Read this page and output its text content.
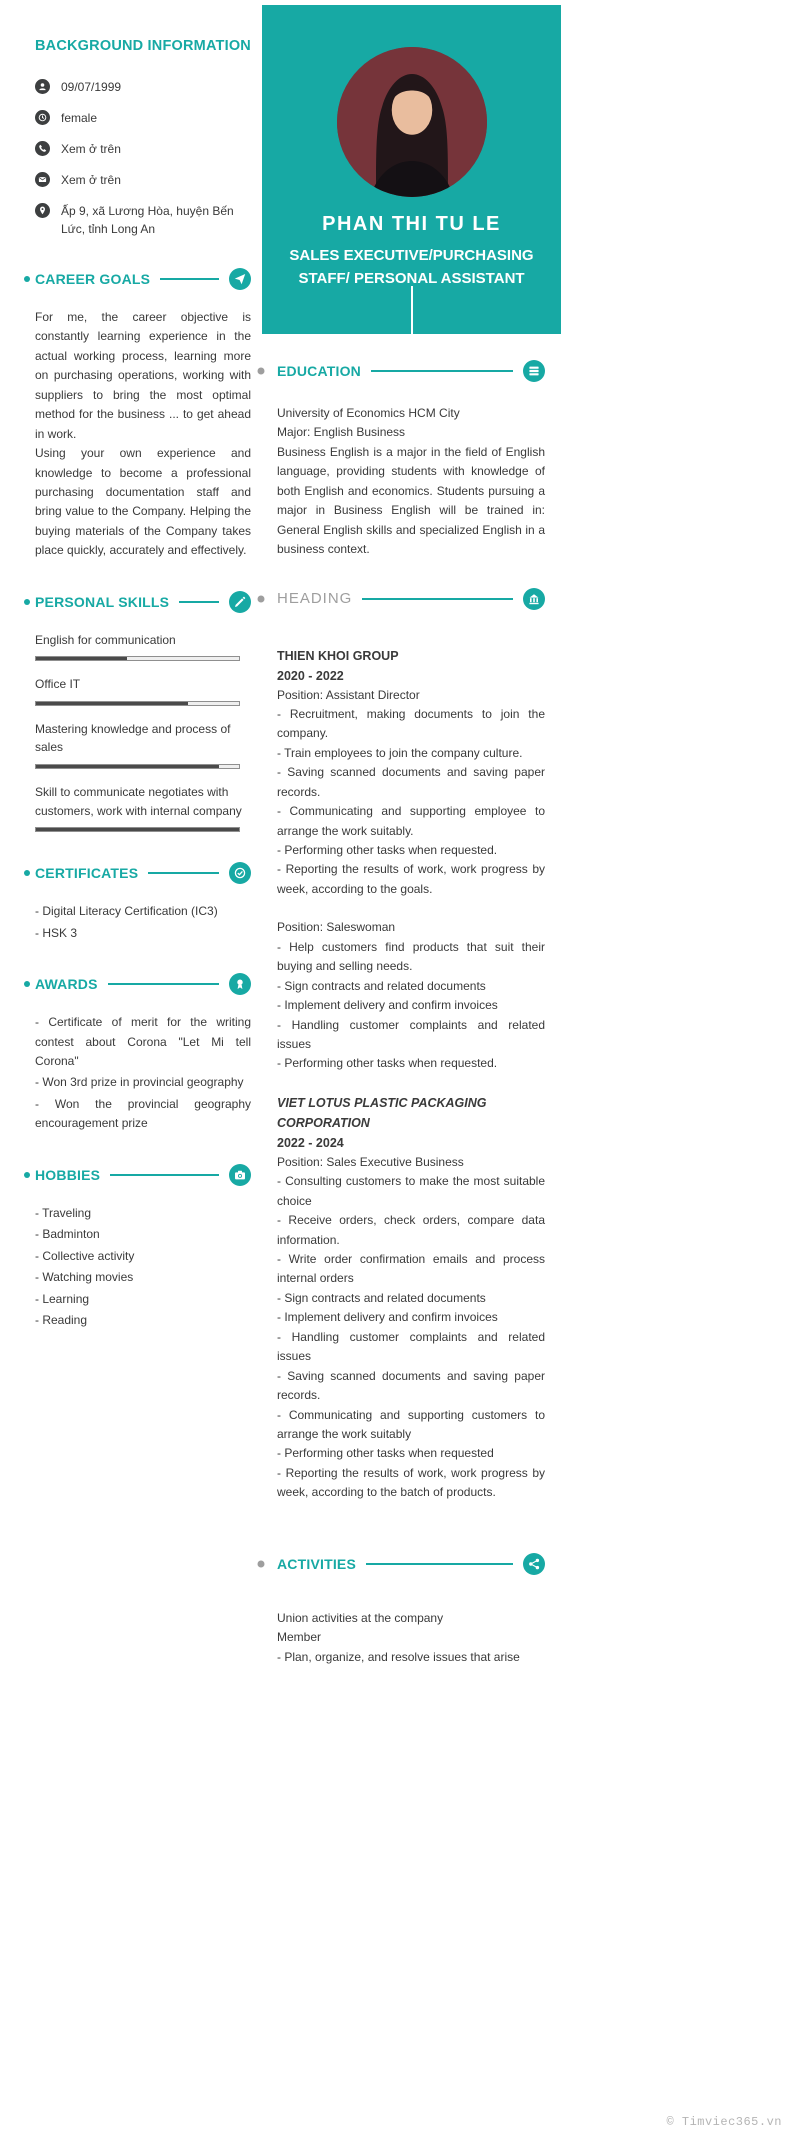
BACKGROUND INFORMATION
09/07/1999
female
Xem ở trên
Xem ở trên
Ấp 9, xã Lương Hòa, huyện Bến Lức, tỉnh Long An
CAREER GOALS

For me, the career objective is constantly learning experience in the actual working process, learning more on purchasing operations, working with suppliers to bring the most optimal method for the business ... to get ahead in work.

Using your own experience and knowledge to become a professional purchasing documentation staff and bring value to the Company. Helping the buying materials of the Company takes place quickly, accurately and effectively.

PERSONAL SKILLS
English for communication
Office IT
Mastering knowledge and process of sales
Skill to communicate negotiates with customers, work with internal company
CERTIFICATES
- Digital Literacy Certification (IC3)
- HSK 3
AWARDS
- Certificate of merit for the writing contest about Corona "Let Mi tell Corona"
- Won 3rd prize in provincial geography
- Won the provincial geography encouragement prize
HOBBIES
- Traveling
- Badminton
- Collective activity
- Watching movies
- Learning
- Reading
PHAN THI TU LE
SALES EXECUTIVE/PURCHASING STAFF/ PERSONAL ASSISTANT
EDUCATION
University of Economics HCM City
Major: English Business

Business English is a major in the field of English language, providing students with knowledge of both English and economics. Students pursuing a major in Business English will be trained in: General English skills and specialized English in a business context.

HEADING
THIEN KHOI GROUP
2020 - 2022
Position: Assistant Director
- Recruitment, making documents to join the company.
- Train employees to join the company culture.
- Saving scanned documents and saving paper records.
- Communicating and supporting employee to arrange the work suitably.
- Performing other tasks when requested.
- Reporting the results of work, work progress by week, according to the goals.
Position: Saleswoman
- Help customers find products that suit their buying and selling needs.
- Sign contracts and related documents
- Implement delivery and confirm invoices
- Handling customer complaints and related issues
- Performing other tasks when requested.
VIET LOTUS PLASTIC PACKAGING CORPORATION
2022 - 2024
Position: Sales Executive Business
- Consulting customers to make the most suitable choice
- Receive orders, check orders, compare data information.
- Write order confirmation emails and process internal orders
- Sign contracts and related documents
- Implement delivery and confirm invoices
- Handling customer complaints and related issues
- Saving scanned documents and saving paper records.
- Communicating and supporting customers to arrange the work suitably
- Performing other tasks when requested
- Reporting the results of work, work progress by week, according to the batch of products.
ACTIVITIES
Union activities at the company
Member
- Plan, organize, and resolve issues that arise
© Timviec365.vn
